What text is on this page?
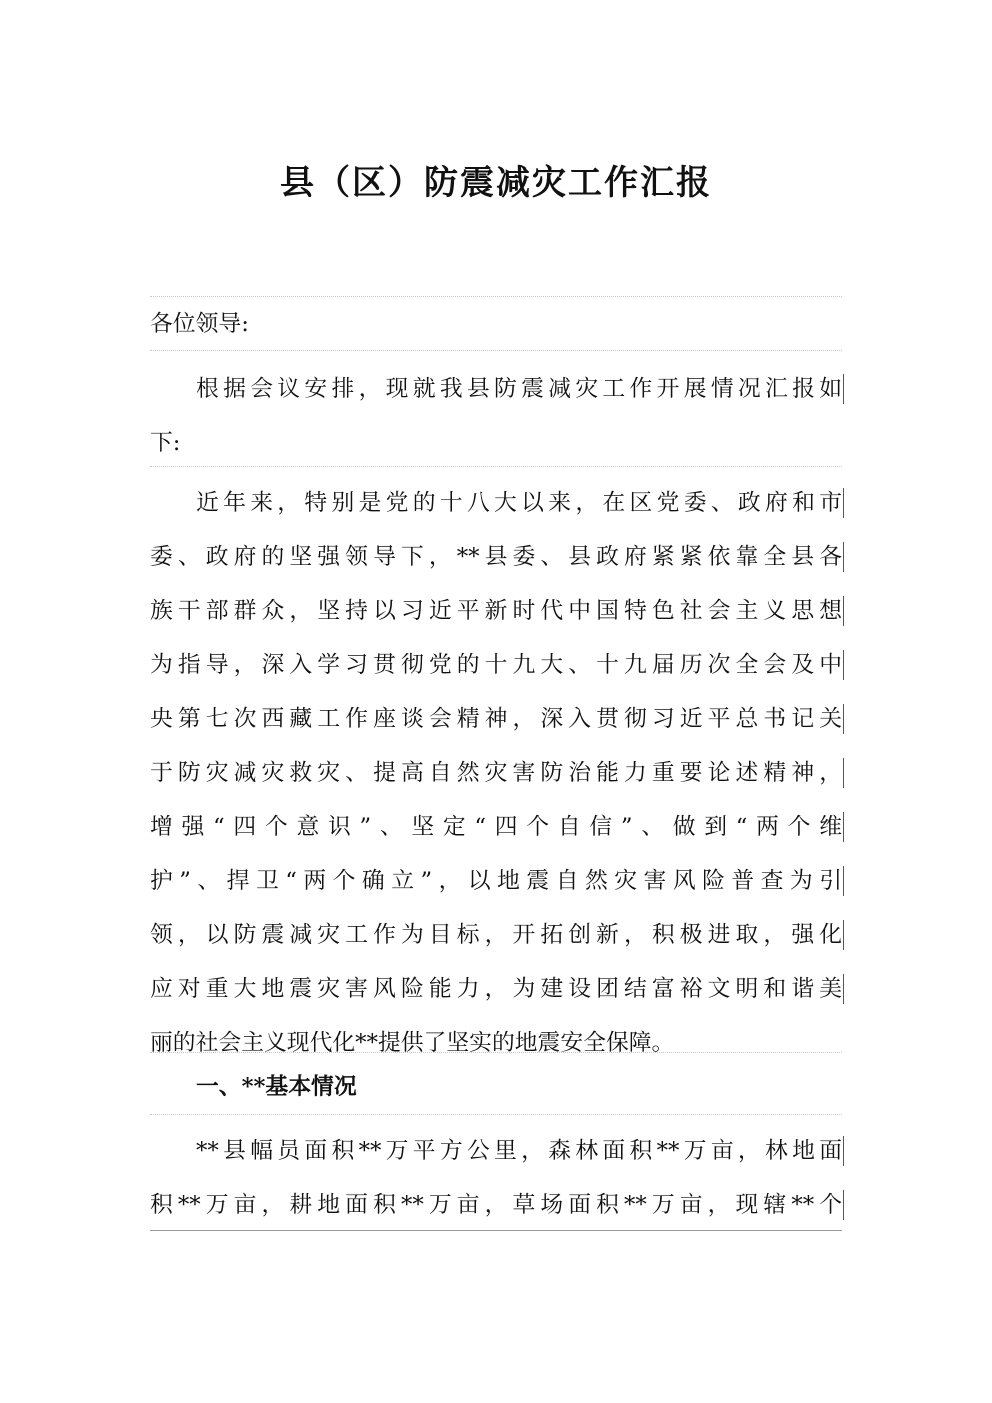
县（区）防震减灾工作汇报
各位领导:
根据会议安排，现就我县防震减灾工作开展情况汇报如
下:
近年来，特别是党的十八大以来，在区党委、政府和市
委、政府的坚强领导下，**县委、县政府紧紧依靠全县各
族干部群众，坚持以习近平新时代中国特色社会主义思想
为指导，深入学习贯彻党的十九大、十九届历次全会及中
央第七次西藏工作座谈会精神，深入贯彻习近平总书记关
于防灾减灾救灾、提高自然灾害防治能力重要论述精神，
增强“四个意识”、坚定“四个自信”、做到“两个维
护”、捍卫“两个确立”，以地震自然灾害风险普查为引
领，以防震减灾工作为目标，开拓创新，积极进取，强化
应对重大地震灾害风险能力，为建设团结富裕文明和谐美
丽的社会主义现代化**提供了坚实的地震安全保障。
一、**基本情况
**县幅员面积**万平方公里，森林面积**万亩，林地面
积**万亩，耕地面积**万亩，草场面积**万亩，现辖**个
